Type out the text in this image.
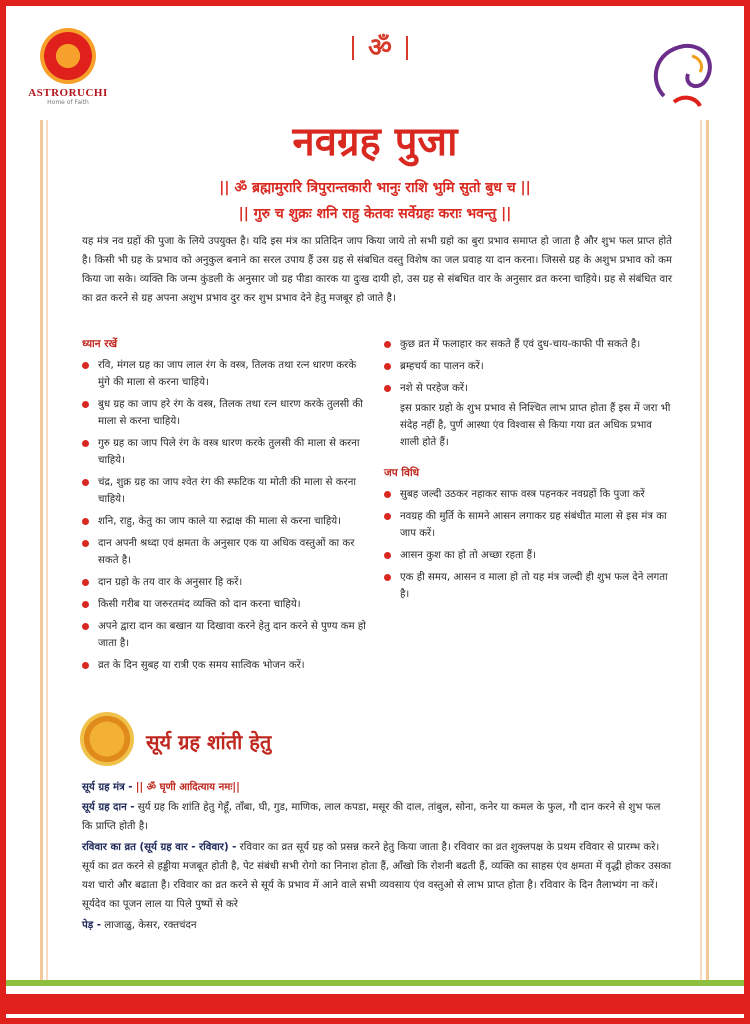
ASTRORUCHI
Home of Faith
ॐ
नवग्रह पुजा
|| ॐ ब्रह्मामुरारि त्रिपुरान्तकारी भानुः राशि भुमि सुतो बुध च ||
|| गुरु च शुक्रः शनि राहु केतवः सर्वेग्रहः कराः भवन्तु ||
यह मंत्र नव ग्रहों की पुजा के लिये उपयुक्त है। यदि इस मंत्र का प्रतिदिन जाप किया जाये तो सभी ग्रहो का बुरा प्रभाव समाप्त हो जाता है और शुभ फल प्राप्त होते है। किसी भी ग्रह के प्रभाव को अनुकुल बनाने का सरल उपाय हैं उस ग्रह से संबधित वस्तु विशेष का जल प्रवाह या दान करना। जिससे ग्रह के अशुभ प्रभाव को कम किया जा सके। व्यक्ति कि जन्म कुंडली के अनुसार जो ग्रह पीडा कारक या दुःख दायी हो, उस ग्रह से संबधित वार के अनुसार व्रत करना चाहिये। ग्रह से संबंधित वार का व्रत करने से ग्रह अपना अशुभ प्रभाव दुर कर शुभ प्रभाव देने हेतु मजबूर हो जाते है।
ध्यान रखें
रवि, मंगल ग्रह का जाप लाल रंग के वस्त्र, तिलक तथा रत्न धारण करके मुंगे की माला से करना चाहिये।
बुध ग्रह का जाप हरे रंग के वस्त्र, तिलक तथा रत्न धारण करके तुलसी की माला से करना चाहिये।
गुरु ग्रह का जाप पिले रंग के वस्त्र धारण करके तुलसी की माला से करना चाहिये।
चंद्र, शुक्र ग्रह का जाप श्वेत रंग की स्फटिक या मोती की माला से करना चाहिये।
शनि, राहु, केतु का जाप काले या रुद्राक्ष की माला से करना चाहिये।
दान अपनी श्रध्दा एवं क्षमता के अनुसार एक या अधिक वस्तुओं का कर सकते है।
दान ग्रहो के तय वार के अनुसार हि करें।
किसी गरीब या जरुरतमंद व्यक्ति को दान करना चाहिये।
अपने द्वारा दान का बखान या दिखावा करने हेतु दान करने से पुण्य कम हो जाता है।
व्रत के दिन सुबह या रात्री एक समय सात्विक भोजन करें।
कुछ व्रत में फलाहार कर सकते हैं एवं दुध-चाय-काफी पी सकते है।
ब्रम्हचर्य का पालन करें।
नशे से परहेज करें।
इस प्रकार ग्रहो के शुभ प्रभाव से निश्चित लाभ प्राप्त होता हैं इस में जरा भी संदेह नहीं है, पुर्ण आस्था एंव विश्वास से किया गया व्रत अधिक प्रभाव शाली होते हैं।
जप विधि
सुबह जल्दी उठकर नहाकर साफ वस्त्र पहनकर नवग्रहों कि पुजा करें
नवग्रह की मुर्ति के सामने आसन लगाकर ग्रह संबंधीत माला से इस मंत्र का जाप करें।
आसन कुश का हो तो अच्छा रहता हैं।
एक ही समय, आसन व माला हो तो यह मंत्र जल्दी ही शुभ फल देने लगता है।
सूर्य ग्रह शांती हेतु
सूर्य ग्रह मंत्र - || ॐ घृणी आदित्याय नमः||
सूर्य ग्रह दान - सुर्य ग्रह कि शांति हेतु गेहूँ, ताँबा, घी, गुड, माणिक, लाल कपडा, मसूर की दाल, तांबुल, सोना, कनेर या कमल के फुल, गौ दान करने से शुभ फल कि प्राप्ति होती है।
रविवार का व्रत (सूर्य ग्रह वार - रविवार) - रविवार का व्रत सूर्य ग्रह को प्रसन्न करने हेतु किया जाता है। रविवार का व्रत शुक्लपक्ष के प्रथम रविवार से प्रारम्भ करे। सूर्य का व्रत करने से हड्डीया मजबूत होती है, पेट संबंधी सभी रोगो का निनाश होता हैं, आँखो कि रोशनी बढती हैं, व्यक्ति का साहस एंव क्षमता में वृद्धी होकर उसका यश चारो और बढाता है। रविवार का व्रत करने से सूर्य के प्रभाव में आने वाले सभी व्यवसाय एंव वस्तुओ से लाभ प्राप्त होता है। रविवार के दिन तैलाभ्यंग ना करें। सूर्यदेव का पूजन लाल या पिले पुष्पों से करे
पेड़ - लाजाळु, केसर, रक्तचंदन
